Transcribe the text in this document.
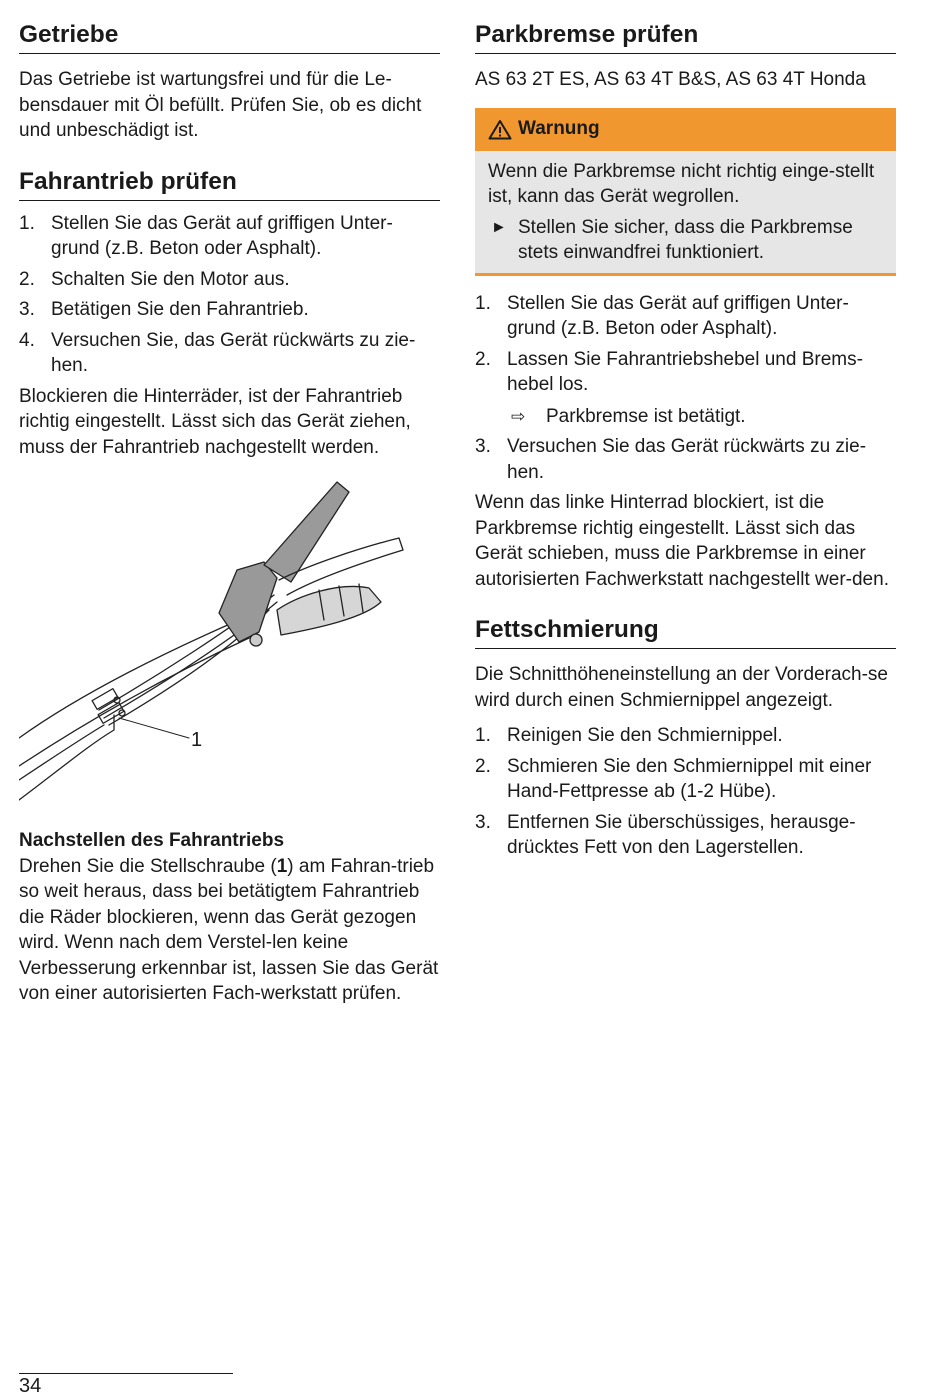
Getriebe

Das Getriebe ist wartungsfrei und für die Le-bensdauer mit Öl befüllt. Prüfen Sie, ob es dicht und unbeschädigt ist.

Fahrantrieb prüfen
1. Stellen Sie das Gerät auf griffigen Unter-grund (z.B. Beton oder Asphalt).
2. Schalten Sie den Motor aus.
3. Betätigen Sie den Fahrantrieb.
4. Versuchen Sie, das Gerät rückwärts zu zie-hen.

Blockieren die Hinterräder, ist der Fahrantrieb richtig eingestellt. Lässt sich das Gerät ziehen, muss der Fahrantrieb nachgestellt werden.

1
Nachstellen des Fahrantriebs

Drehen Sie die Stellschraube (1) am Fahran-trieb so weit heraus, dass bei betätigtem Fahrantrieb die Räder blockieren, wenn das Gerät gezogen wird. Wenn nach dem Verstel-len keine Verbesserung erkennbar ist, lassen Sie das Gerät von einer autorisierten Fach-werkstatt prüfen.

Parkbremse prüfen

AS 63 2T ES, AS 63 4T B&S, AS 63 4T Honda

Warnung

Wenn die Parkbremse nicht richtig einge-stellt ist, kann das Gerät wegrollen.

► Stellen Sie sicher, dass die Parkbremse stets einwandfrei funktioniert.
1. Stellen Sie das Gerät auf griffigen Unter-grund (z.B. Beton oder Asphalt).
2. Lassen Sie Fahrantriebshebel und Brems-hebel los.
⇨ Parkbremse ist betätigt.
3. Versuchen Sie das Gerät rückwärts zu zie-hen.

Wenn das linke Hinterrad blockiert, ist die Parkbremse richtig eingestellt. Lässt sich das Gerät schieben, muss die Parkbremse in einer autorisierten Fachwerkstatt nachgestellt wer-den.

Fettschmierung

Die Schnitthöheneinstellung an der Vorderach-se wird durch einen Schmiernippel angezeigt.

1. Reinigen Sie den Schmiernippel.
2. Schmieren Sie den Schmiernippel mit einer Hand-Fettpresse ab (1-2 Hübe).
3. Entfernen Sie überschüssiges, herausge-drücktes Fett von den Lagerstellen.
34
